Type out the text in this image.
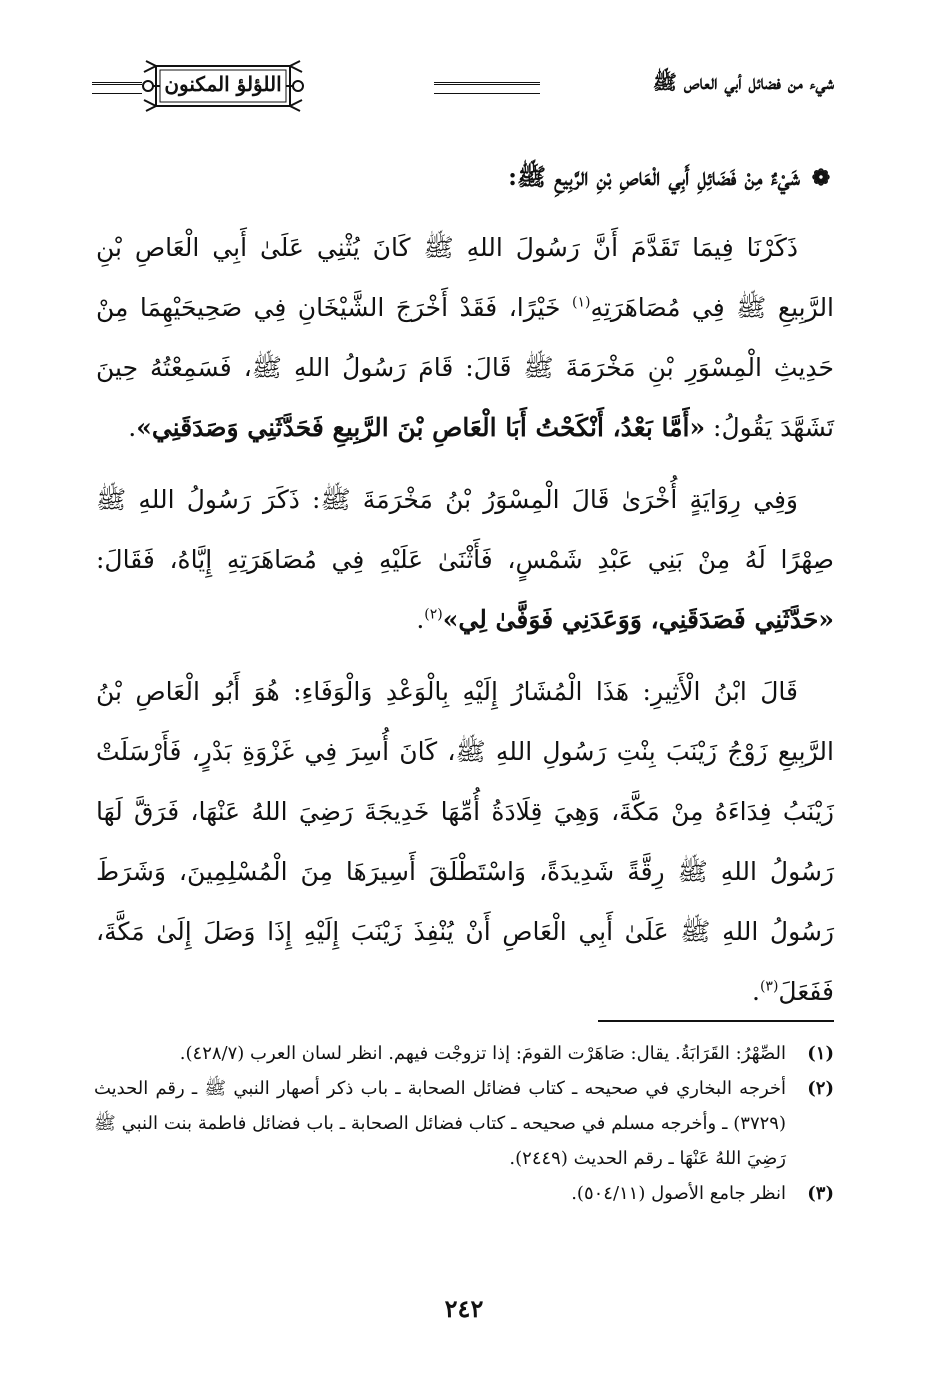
شيء من فضائل أبي العاص ﷺ
اللؤلؤ المكنون
❁شَيْءٌ مِنْ فَضَائِلِ أَبِي الْعَاصِ بْنِ الرَّبِيعِ ﷺ:

ذَكَرْنَا فِيمَا تَقَدَّمَ أَنَّ رَسُولَ اللهِ ﷺ كَانَ يُثْنِي عَلَىٰ أَبِي الْعَاصِ بْنِ الرَّبِيعِ ﷺ فِي مُصَاهَرَتِهِ$^{(١)}$ خَيْرًا، فَقَدْ أَخْرَجَ الشَّيْخَانِ فِي صَحِيحَيْهِمَا مِنْ حَدِيثِ الْمِسْوَرِ بْنِ مَخْرَمَةَ ﷺ قَالَ: قَامَ رَسُولُ اللهِ ﷺ، فَسَمِعْتُهُ حِينَ تَشَهَّدَ يَقُولُ: «أَمَّا بَعْدُ، أَنْكَحْتُ أَبَا الْعَاصِ بْنَ الرَّبِيعِ فَحَدَّثَنِي وَصَدَقَنِي».

وَفِي رِوَايَةٍ أُخْرَىٰ قَالَ الْمِسْوَرُ بْنُ مَخْرَمَةَ ﷺ: ذَكَرَ رَسُولُ اللهِ ﷺ صِهْرًا لَهُ مِنْ بَنِي عَبْدِ شَمْسٍ، فَأَثْنَىٰ عَلَيْهِ فِي مُصَاهَرَتِهِ إِيَّاهُ، فَقَالَ: «حَدَّثَنِي فَصَدَقَنِي، وَوَعَدَنِي فَوَفَّىٰ لِي»$^{(٢)}$.

قَالَ ابْنُ الْأَثِيرِ: هَذَا الْمُشَارُ إِلَيْهِ بِالْوَعْدِ وَالْوَفَاءِ: هُوَ أَبُو الْعَاصِ بْنُ الرَّبِيعِ زَوْجُ زَيْنَبَ بِنْتِ رَسُولِ اللهِ ﷺ، كَانَ أُسِرَ فِي غَزْوَةِ بَدْرٍ، فَأَرْسَلَتْ زَيْنَبُ فِدَاءَهُ مِنْ مَكَّةَ، وَهِيَ قِلَادَةُ أُمِّهَا خَدِيجَةَ رَضِيَ اللهُ عَنْهَا، فَرَقَّ لَهَا رَسُولُ اللهِ ﷺ رِقَّةً شَدِيدَةً، وَاسْتَطْلَقَ أَسِيرَهَا مِنَ الْمُسْلِمِينَ، وَشَرَطَ رَسُولُ اللهِ ﷺ عَلَىٰ أَبِي الْعَاصِ أَنْ يُنْفِذَ زَيْنَبَ إِلَيْهِ إِذَا وَصَلَ إِلَىٰ مَكَّةَ، فَفَعَلَ$^{(٣)}$.

(١)
الصِّهْرُ: القَرَابَةُ. يقال: صَاهَرْت القومَ: إذا تزوجْت فيهم. انظر لسان العرب (٤٢٨/٧).
(٢)
أخرجه البخاري في صحيحه ـ كتاب فضائل الصحابة ـ باب ذكر أصهار النبي ﷺ ـ رقم الحديث (٣٧٢٩) ـ وأخرجه مسلم في صحيحه ـ كتاب فضائل الصحابة ـ باب فضائل فاطمة بنت النبي ﷺ رَضِيَ اللهُ عَنْهَا ـ رقم الحديث (٢٤٤٩).
(٣)
انظر جامع الأصول (٥٠٤/١١).
٢٤٢
